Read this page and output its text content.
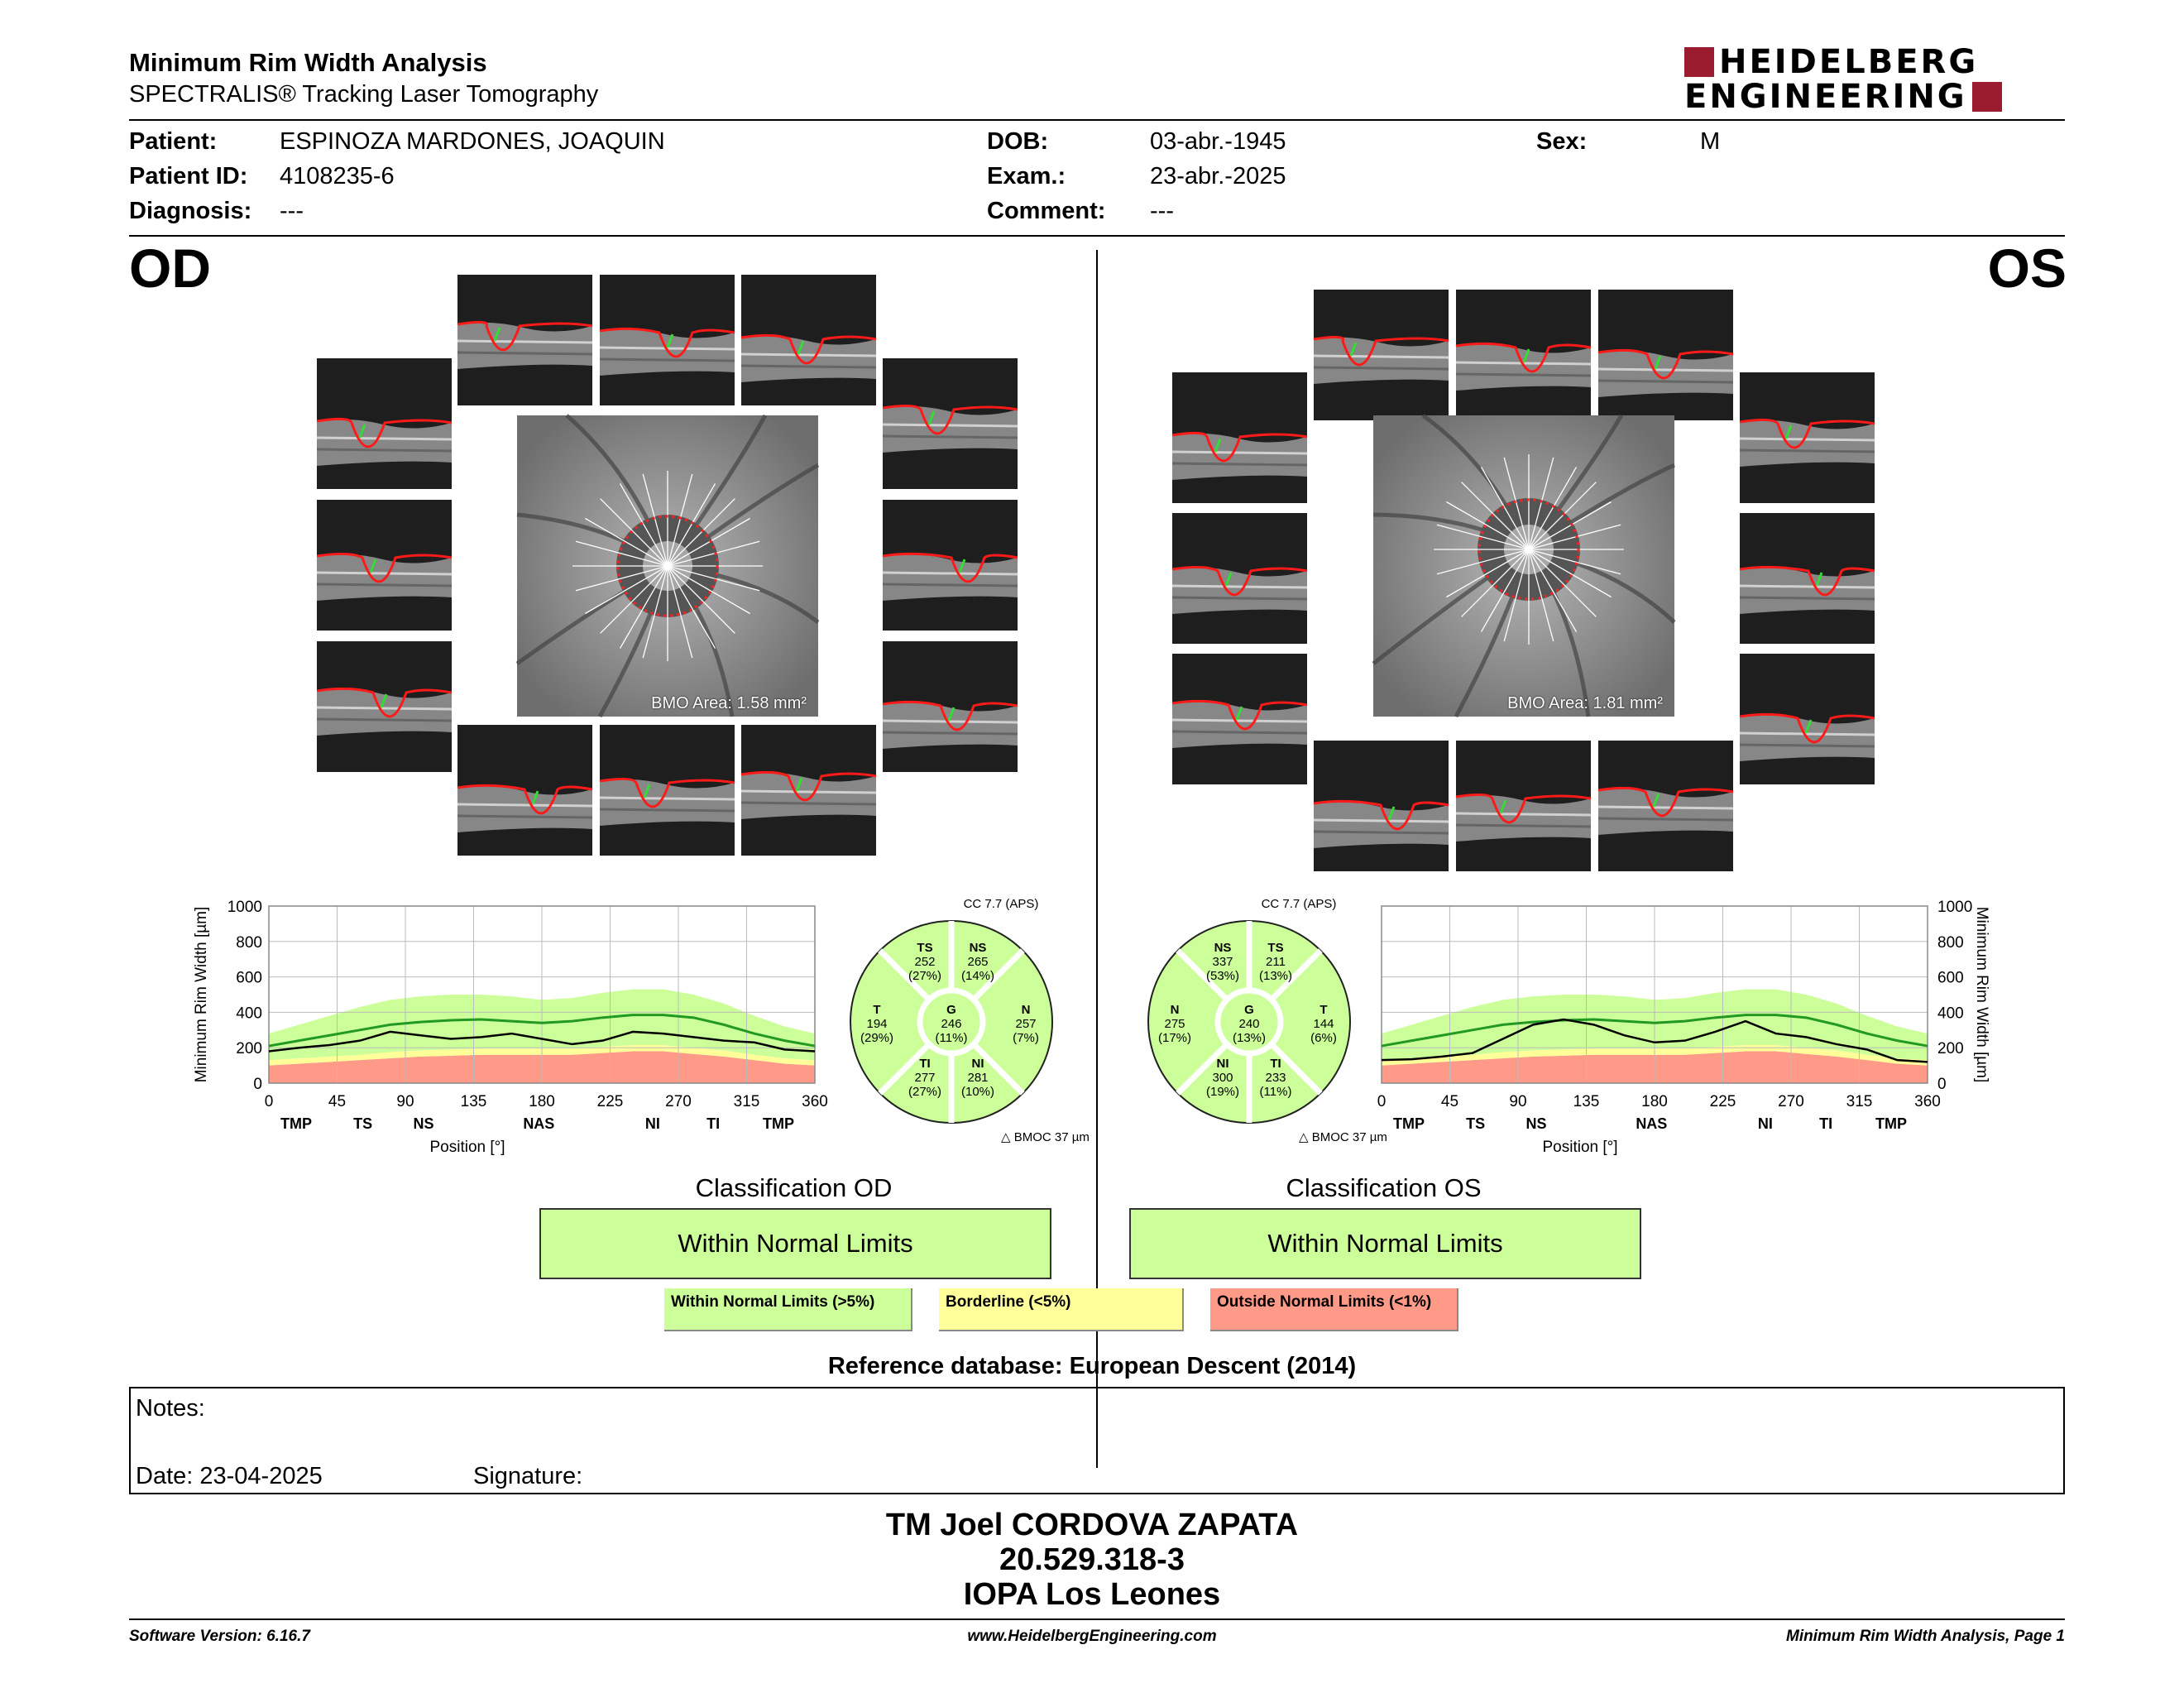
Minimum Rim Width Analysis
SPECTRALIS® Tracking Laser Tomography
HEIDELBERG
ENGINEERING
Patient:	ESPINOZA MARDONES, JOAQUIN
Patient ID: 4108235-6
Diagnosis: ---
DOB:	03-abr.-1945
Exam.:	23-abr.-2025
Comment: ---
Sex:	M
OD	OS
BMO Area: 1.58 mm²	BMO Area: 1.81 mm²
0	45	90	135	180	225	270	315	360
0
200
400
600
800
1000
TMP	TS	NS	NAS	NI	TI	TMP
Position [°]
Minimum Rim Width [µm]	TS
252
(27%)
NS
265
(14%)
T
194
(29%)
G
246
(11%)
N
257
(7%)
TI
277
(27%)
NI
281
(10%)
CC 7.7 (APS)
△ BMOC 37 µm
NS
337
(53%)
TS
211
(13%)
N
275
(17%)
G
240
(13%)
T
144
(6%)
NI
300
(19%)
TI
233
(11%)
CC 7.7 (APS)
△ BMOC 37 µm
0	45	90	135	180	225	270	315	360
0
200
400
600
800
1000
TMP	TS	NS	NAS	NI	TI	TMP
Position [°]
Minimum Rim Width [µm]
Classification OD
Within Normal Limits
Classification OS
Within Normal Limits
Within Normal Limits (>5%)	Borderline (<5%)	Outside Normal Limits (<1%)
Reference database: European Descent (2014)
Notes:
Date: 23-04-2025	Signature:
TM Joel CORDOVA ZAPATA
20.529.318-3
IOPA Los Leones
Software Version: 6.16.7	www.HeidelbergEngineering.com	Minimum Rim Width Analysis, Page 1
